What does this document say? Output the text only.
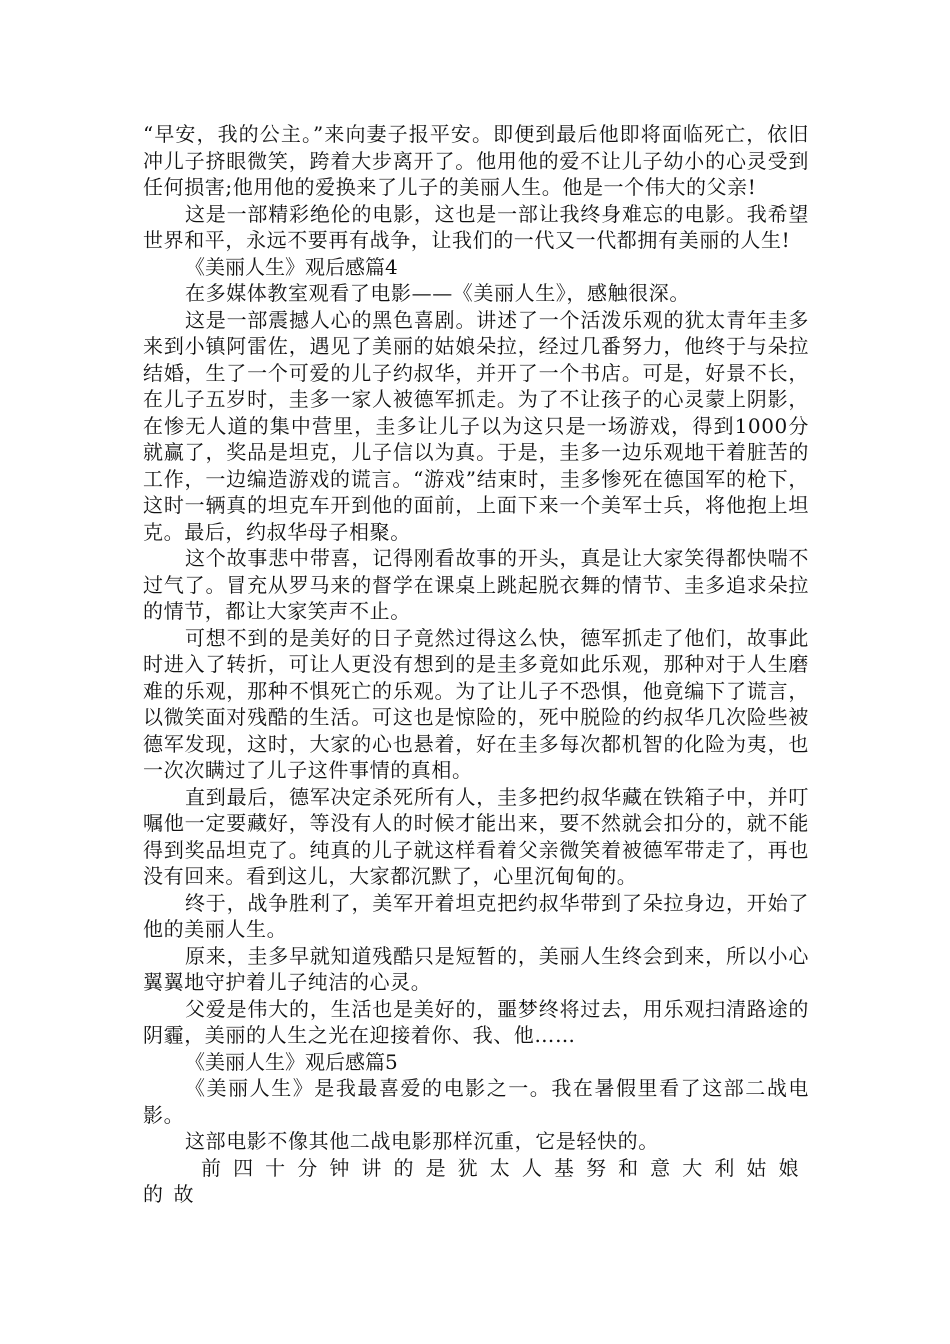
“早安，我的公主。”来向妻子报平安。即便到最后他即将面临死亡，依旧冲儿子挤眼微笑，跨着大步离开了。他用他的爱不让儿子幼小的心灵受到任何损害;他用他的爱换来了儿子的美丽人生。他是一个伟大的父亲!

这是一部精彩绝伦的电影，这也是一部让我终身难忘的电影。我希望世界和平，永远不要再有战争，让我们的一代又一代都拥有美丽的人生!

《美丽人生》观后感篇4

在多媒体教室观看了电影——《美丽人生》，感触很深。

这是一部震撼人心的黑色喜剧。讲述了一个活泼乐观的犹太青年圭多来到小镇阿雷佐，遇见了美丽的姑娘朵拉，经过几番努力，他终于与朵拉结婚，生了一个可爱的儿子约叔华，并开了一个书店。可是，好景不长，在儿子五岁时，圭多一家人被德军抓走。为了不让孩子的心灵蒙上阴影，在惨无人道的集中营里，圭多让儿子以为这只是一场游戏，得到1000分就赢了，奖品是坦克，儿子信以为真。于是，圭多一边乐观地干着脏苦的工作，一边编造游戏的谎言。“游戏”结束时，圭多惨死在德国军的枪下，这时一辆真的坦克车开到他的面前，上面下来一个美军士兵，将他抱上坦克。最后，约叔华母子相聚。

这个故事悲中带喜，记得刚看故事的开头，真是让大家笑得都快喘不过气了。冒充从罗马来的督学在课桌上跳起脱衣舞的情节、圭多追求朵拉的情节，都让大家笑声不止。

可想不到的是美好的日子竟然过得这么快，德军抓走了他们，故事此时进入了转折，可让人更没有想到的是圭多竟如此乐观，那种对于人生磨难的乐观，那种不惧死亡的乐观。为了让儿子不恐惧，他竟编下了谎言，以微笑面对残酷的生活。可这也是惊险的，死中脱险的约叔华几次险些被德军发现，这时，大家的心也悬着，好在圭多每次都机智的化险为夷，也一次次瞒过了儿子这件事情的真相。

直到最后，德军决定杀死所有人，圭多把约叔华藏在铁箱子中，并叮嘱他一定要藏好，等没有人的时候才能出来，要不然就会扣分的，就不能得到奖品坦克了。纯真的儿子就这样看着父亲微笑着被德军带走了，再也没有回来。看到这儿，大家都沉默了，心里沉甸甸的。

终于，战争胜利了，美军开着坦克把约叔华带到了朵拉身边，开始了他的美丽人生。

原来，圭多早就知道残酷只是短暂的，美丽人生终会到来，所以小心翼翼地守护着儿子纯洁的心灵。

父爱是伟大的，生活也是美好的，噩梦终将过去，用乐观扫清路途的阴霾，美丽的人生之光在迎接着你、我、他……

《美丽人生》观后感篇5

《美丽人生》是我最喜爱的电影之一。我在暑假里看了这部二战电影。

这部电影不像其他二战电影那样沉重，它是轻快的。

前四十分钟讲的是犹太人基努和意大利姑娘的故
